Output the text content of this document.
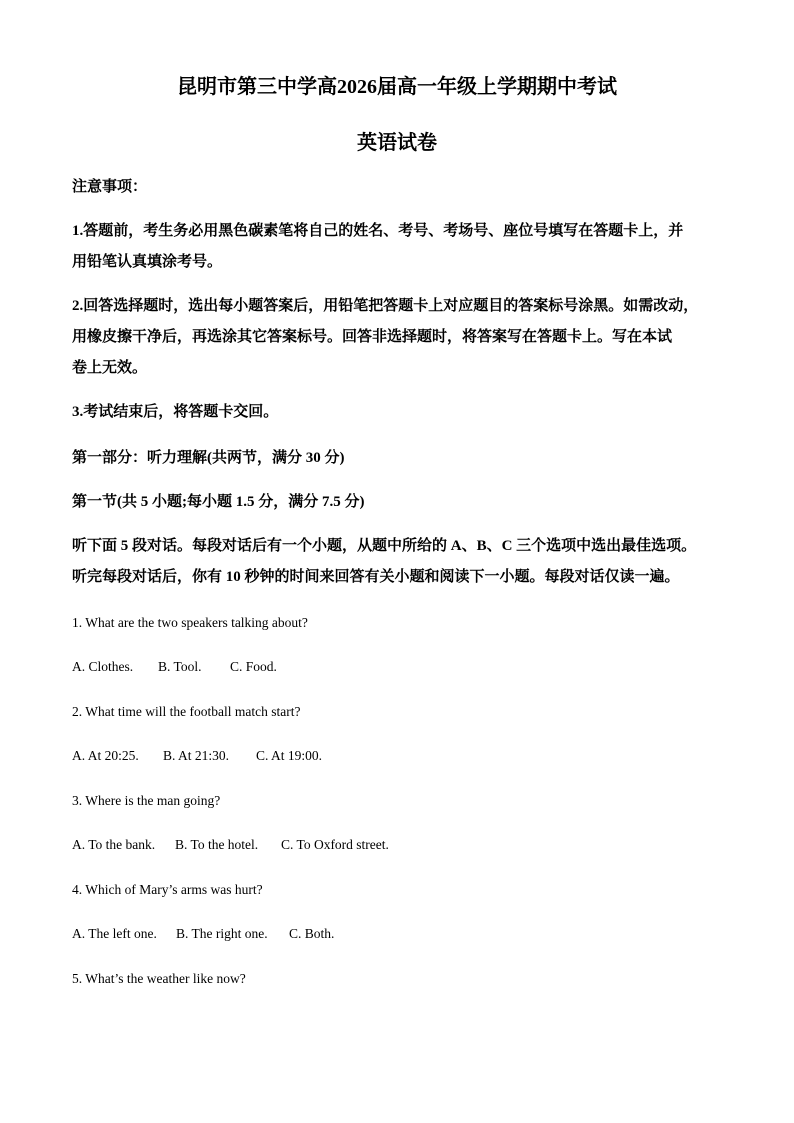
昆明市第三中学高2026届高一年级上学期期中考试
英语试卷
注意事项：
1.答题前，考生务必用黑色碳素笔将自己的姓名、考号、考场号、座位号填写在答题卡上，并
用铅笔认真填涂考号。
2.回答选择题时，选出每小题答案后，用铅笔把答题卡上对应题目的答案标号涂黑。如需改动，
用橡皮擦干净后，再选涂其它答案标号。回答非选择题时，将答案写在答题卡上。写在本试
卷上无效。
3.考试结束后，将答题卡交回。
第一部分：听力理解(共两节，满分 30 分)
第一节(共 5 小题;每小题 1.5 分，满分 7.5 分)
听下面 5 段对话。每段对话后有一个小题，从题中所给的 A、B、C 三个选项中选出最佳选项。
听完每段对话后，你有 10 秒钟的时间来回答有关小题和阅读下一小题。每段对话仅读一遍。
1. What are the two speakers talking about?
A. Clothes. B. Tool. C. Food.
2. What time will the football match start?
A. At 20:25. B. At 21:30. C. At 19:00.
3. Where is the man going?
A. To the bank. B. To the hotel. C. To Oxford street.
4. Which of Mary’s arms was hurt?
A. The left one. B. The right one. C. Both.
5. What’s the weather like now?
